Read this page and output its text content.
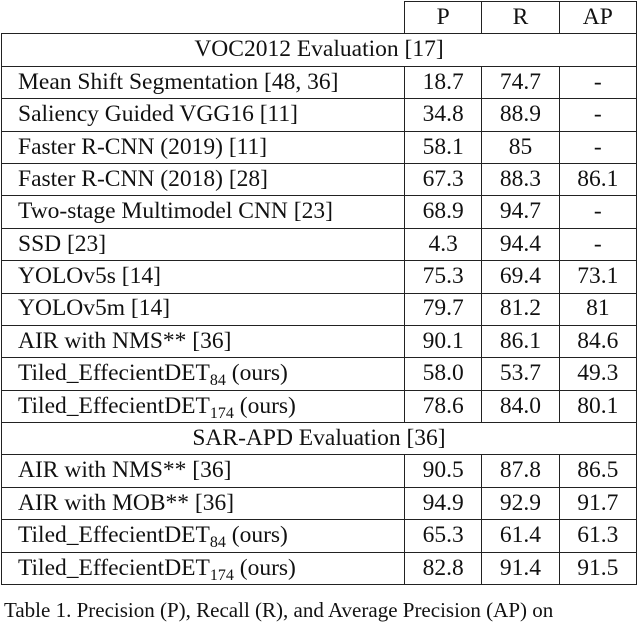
	P	R	AP
VOC2012 Evaluation [17]			
Mean Shift Segmentation [48, 36]	18.7	74.7	-
Saliency Guided VGG16 [11]	34.8	88.9	-
Faster R-CNN (2019) [11]	58.1	85	-
Faster R-CNN (2018) [28]	67.3	88.3	86.1
Two-stage Multimodel CNN [23]	68.9	94.7	-
SSD [23]	4.3	94.4	-
YOLOv5s [14]	75.3	69.4	73.1
YOLOv5m [14]	79.7	81.2	81
AIR with NMS** [36]	90.1	86.1	84.6
Tiled_EffecientDET$_{84}$ (ours)	58.0	53.7	49.3
Tiled_EffecientDET$_{174}$ (ours)	78.6	84.0	80.1
SAR-APD Evaluation [36]			
AIR with NMS** [36]	90.5	87.8	86.5
AIR with MOB** [36]	94.9	92.9	91.7
Tiled_EffecientDET$_{84}$ (ours)	65.3	61.4	61.3
Tiled_EffecientDET$_{174}$ (ours)	82.8	91.4	91.5
Table 1. Precision (P), Recall (R), and Average Precision (AP) on
